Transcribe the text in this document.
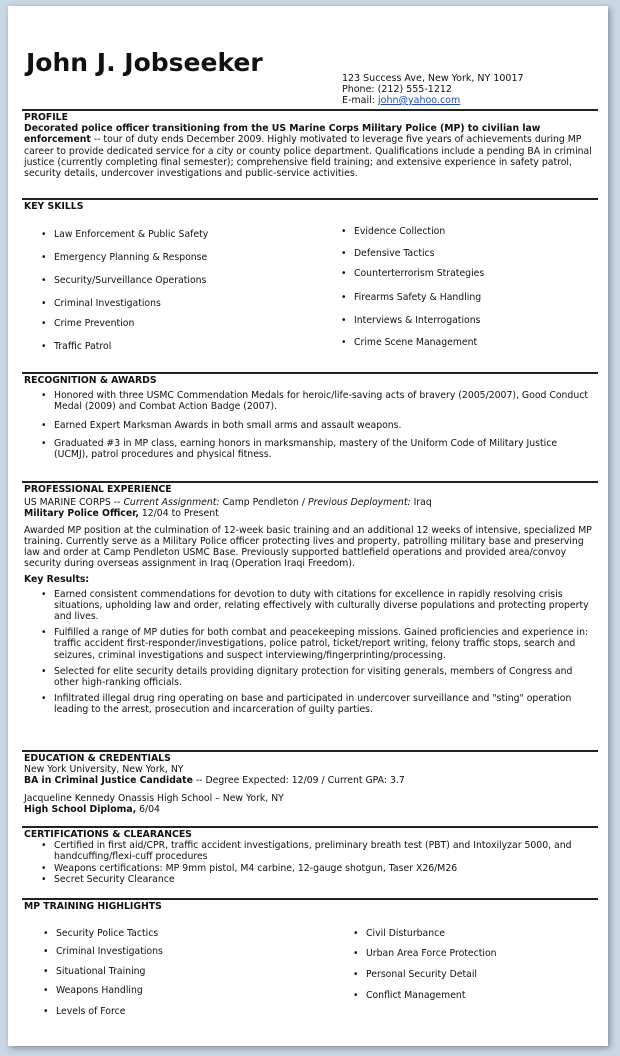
John J. Jobseeker
123 Success Ave, New York, NY 10017
Phone: (212) 555-1212
E-mail: john@yahoo.com
PROFILE

Decorated police officer transitioning from the US Marine Corps Military Police (MP) to civilian law enforcement -- tour of duty ends December 2009. Highly motivated to leverage five years of achievements during MP career to provide dedicated service for a city or county police department. Qualifications include a pending BA in criminal justice (currently completing final semester); comprehensive field training; and extensive experience in safety patrol, security details, undercover investigations and public-service activities.

KEY SKILLS
• Law Enforcement & Public Safety
• Emergency Planning & Response
• Security/Surveillance Operations
• Criminal Investigations
• Crime Prevention
• Traffic Patrol
• Evidence Collection
• Defensive Tactics
• Counterterrorism Strategies
• Firearms Safety & Handling
• Interviews & Interrogations
• Crime Scene Management
RECOGNITION & AWARDS
• Honored with three USMC Commendation Medals for heroic/life-saving acts of bravery (2005/2007), Good Conduct Medal (2009) and Combat Action Badge (2007).
• Earned Expert Marksman Awards in both small arms and assault weapons.
• Graduated #3 in MP class, earning honors in marksmanship, mastery of the Uniform Code of Military Justice (UCMJ), patrol procedures and physical fitness.
PROFESSIONAL EXPERIENCE
US MARINE CORPS -- Current Assignment: Camp Pendleton / Previous Deployment: Iraq
Military Police Officer, 12/04 to Present

Awarded MP position at the culmination of 12-week basic training and an additional 12 weeks of intensive, specialized MP training. Currently serve as a Military Police officer protecting lives and property, patrolling military base and preserving law and order at Camp Pendleton USMC Base. Previously supported battlefield operations and provided area/convoy security during overseas assignment in Iraq (Operation Iraqi Freedom).

Key Results:
• Earned consistent commendations for devotion to duty with citations for excellence in rapidly resolving crisis situations, upholding law and order, relating effectively with culturally diverse populations and protecting property and lives.
• Fulfilled a range of MP duties for both combat and peacekeeping missions. Gained proficiencies and experience in: traffic accident first-responder/investigations, police patrol, ticket/report writing, felony traffic stops, search and seizures, criminal investigations and suspect interviewing/fingerprinting/processing.
• Selected for elite security details providing dignitary protection for visiting generals, members of Congress and other high-ranking officials.
• Infiltrated illegal drug ring operating on base and participated in undercover surveillance and "sting" operation leading to the arrest, prosecution and incarceration of guilty parties.
EDUCATION & CREDENTIALS
New York University, New York, NY
BA in Criminal Justice Candidate -- Degree Expected: 12/09 / Current GPA: 3.7
Jacqueline Kennedy Onassis High School – New York, NY
High School Diploma, 6/04
CERTIFICATIONS & CLEARANCES
• Certified in first aid/CPR, traffic accident investigations, preliminary breath test (PBT) and Intoxilyzar 5000, and handcuffing/flexi-cuff procedures
• Weapons certifications: MP 9mm pistol, M4 carbine, 12-gauge shotgun, Taser X26/M26
• Secret Security Clearance
MP TRAINING HIGHLIGHTS
• Security Police Tactics
• Criminal Investigations
• Situational Training
• Weapons Handling
• Levels of Force
• Civil Disturbance
• Urban Area Force Protection
• Personal Security Detail
• Conflict Management
